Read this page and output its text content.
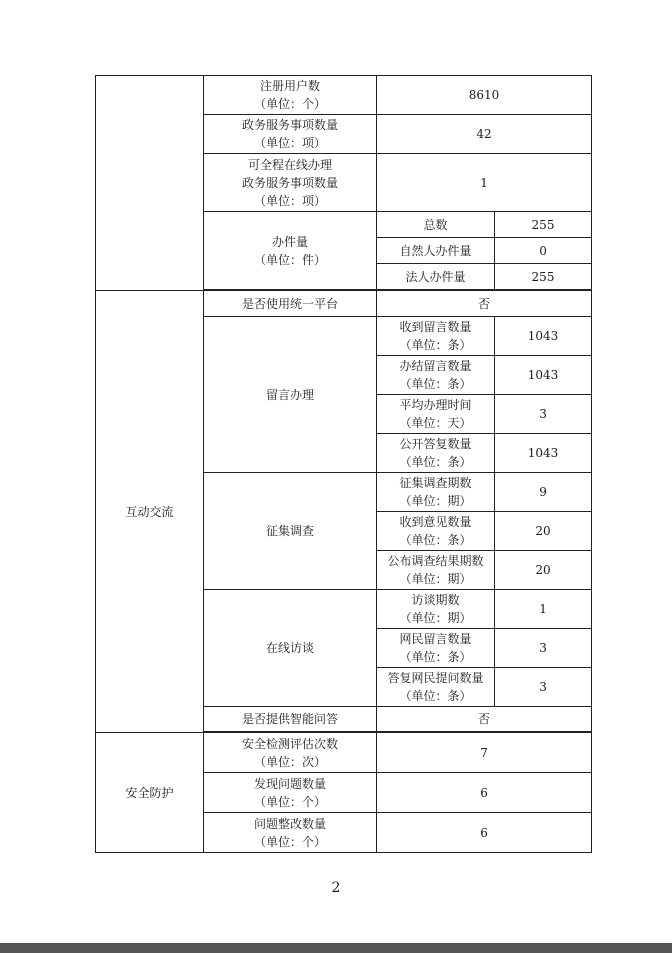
	注册用户数
（单位：个）	8610	

	政务服务事项数量
（单位：项）	42	

	可全程在线办理
政务服务事项数量
（单位：项）	1	

	办件量
（单位：件）	总数	255
		自然人办件量	0
		法人办件量	255

互动交流	是否使用统一平台	否	
	留言办理	收到留言数量
（单位：条）	1043

		办结留言数量
（单位：条）	1043

		平均办理时间
（单位：天）	3

		公开答复数量
（单位：条）	1043
	征集调查	征集调查期数
（单位：期）	9

		收到意见数量
（单位：条）	20

		公布调查结果期数
（单位：期）	20
	在线访谈	访谈期数
（单位：期）	1

		网民留言数量
（单位：条）	3

		答复网民提问数量
（单位：条）	3
	是否提供智能问答	否	

安全防护	安全检测评估次数
（单位：次）	7	

	发现问题数量
（单位：个）	6	

	问题整改数量
（单位：个）	6	
2
